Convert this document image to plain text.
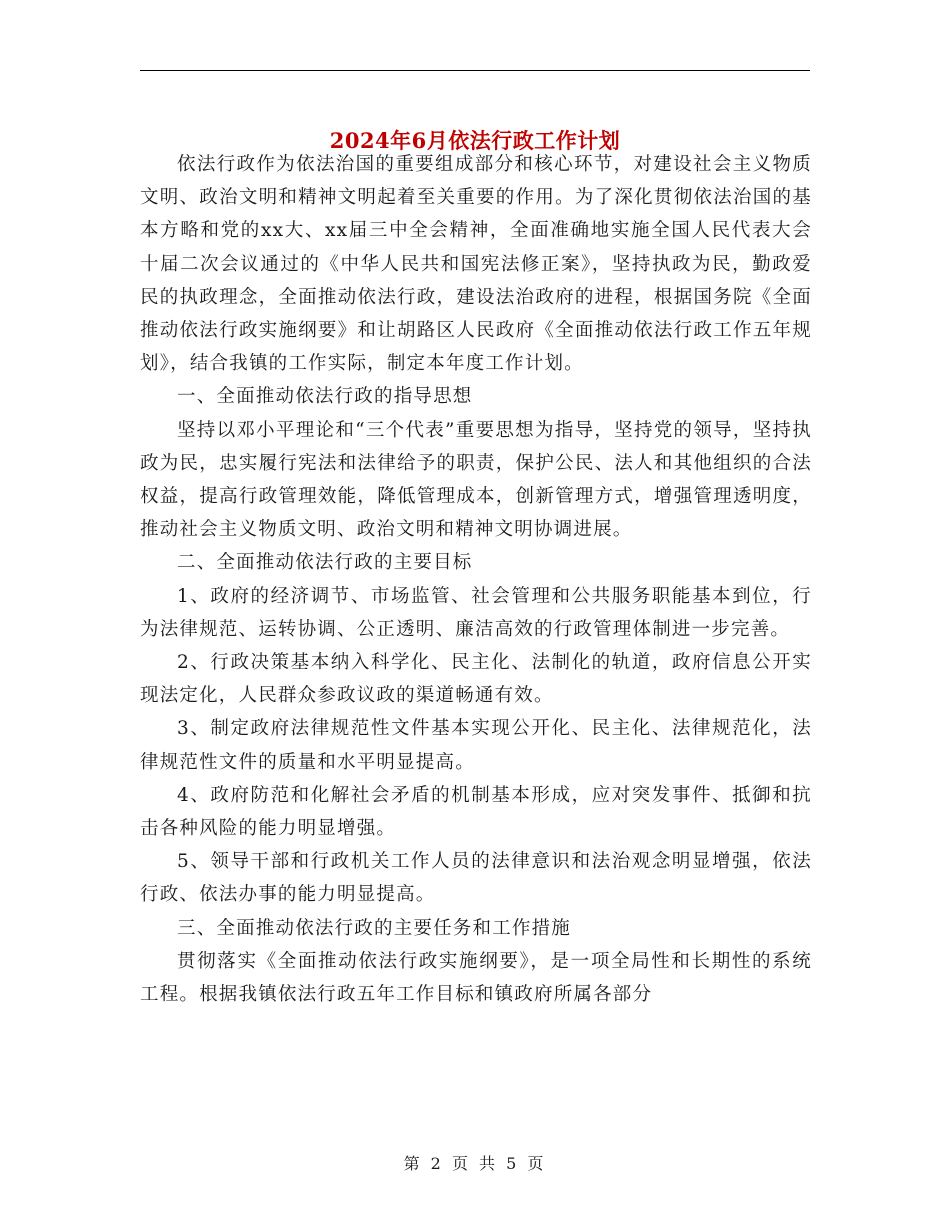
2024年6月依法行政工作计划

依法行政作为依法治国的重要组成部分和核心环节，对建设社会主义物质文明、政治文明和精神文明起着至关重要的作用。为了深化贯彻依法治国的基本方略和党的xx大、xx届三中全会精神，全面准确地实施全国人民代表大会十届二次会议通过的《中华人民共和国宪法修正案》，坚持执政为民，勤政爱民的执政理念，全面推动依法行政，建设法治政府的进程，根据国务院《全面推动依法行政实施纲要》和让胡路区人民政府《全面推动依法行政工作五年规划》，结合我镇的工作实际，制定本年度工作计划。

一、全面推动依法行政的指导思想

坚持以邓小平理论和“三个代表”重要思想为指导，坚持党的领导，坚持执政为民，忠实履行宪法和法律给予的职责，保护公民、法人和其他组织的合法权益，提高行政管理效能，降低管理成本，创新管理方式，增强管理透明度，推动社会主义物质文明、政治文明和精神文明协调进展。

二、全面推动依法行政的主要目标

1、政府的经济调节、市场监管、社会管理和公共服务职能基本到位，行为法律规范、运转协调、公正透明、廉洁高效的行政管理体制进一步完善。

2、行政决策基本纳入科学化、民主化、法制化的轨道，政府信息公开实现法定化，人民群众参政议政的渠道畅通有效。

3、制定政府法律规范性文件基本实现公开化、民主化、法律规范化，法律规范性文件的质量和水平明显提高。

4、政府防范和化解社会矛盾的机制基本形成，应对突发事件、抵御和抗击各种风险的能力明显增强。

5、领导干部和行政机关工作人员的法律意识和法治观念明显增强，依法行政、依法办事的能力明显提高。

三、全面推动依法行政的主要任务和工作措施

贯彻落实《全面推动依法行政实施纲要》，是一项全局性和长期性的系统工程。根据我镇依法行政五年工作目标和镇政府所属各部分

第 2 页 共 5 页
